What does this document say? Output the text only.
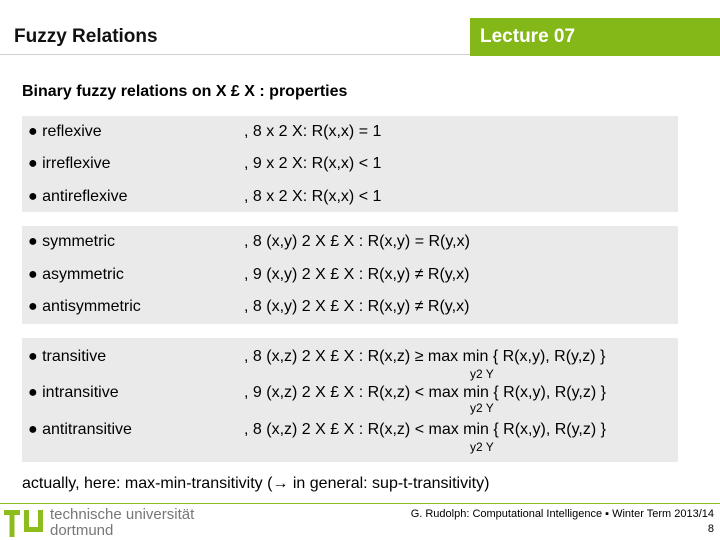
Fuzzy Relations	Lecture 07
Binary fuzzy relations on X £ X : properties
● reflexive	, 8 x 2 X: R(x,x) = 1
● irreflexive	, 9 x 2 X: R(x,x) < 1
● antireflexive	, 8 x 2 X: R(x,x) < 1
● symmetric	, 8 (x,y) 2 X £ X : R(x,y) = R(y,x)
● asymmetric	, 9 (x,y) 2 X £ X : R(x,y) ≠ R(y,x)
● antisymmetric	, 8 (x,y) 2 X £ X : R(x,y) ≠ R(y,x)
● transitive	, 8 (x,z) 2 X £ X : R(x,z) ≥ max min { R(x,y), R(y,z) }
y2 Y
● intransitive	, 9 (x,z) 2 X £ X : R(x,z) < max min { R(x,y), R(y,z) }
y2 Y
● antitransitive	, 8 (x,z) 2 X £ X : R(x,z) < max min { R(x,y), R(y,z) }
y2 Y
actually, here: max-min-transitivity (→ in general: sup-t-transitivity)
technische universität
dortmund
G. Rudolph: Computational Intelligence ▪ Winter Term 2013/14
8
